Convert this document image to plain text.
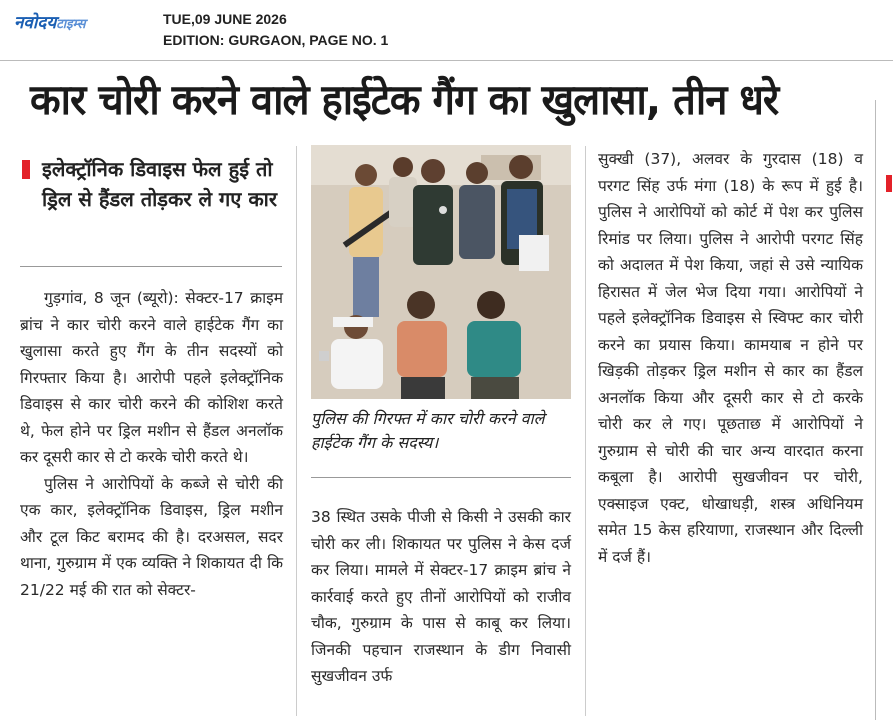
नवोदयटाइम्स	TUE,09 JUNE 2026
EDITION: GURGAON, PAGE NO. 1
कार चोरी करने वाले हाईटेक गैंग का खुलासा, तीन धरे
इलेक्ट्रॉनिक डिवाइस फेल हुई तो ड्रिल से हैंडल तोड़कर ले गए कार

गुड़गांव, 8 जून (ब्यूरो): सेक्टर-17 क्राइम ब्रांच ने कार चोरी करने वाले हाईटेक गैंग का खुलासा करते हुए गैंग के तीन सदस्यों को गिरफ्तार किया है। आरोपी पहले इलेक्ट्रॉनिक डिवाइस से कार चोरी करने की कोशिश करते थे, फेल होने पर ड्रिल मशीन से हैंडल अनलॉक कर दूसरी कार से टो करके चोरी करते थे।

पुलिस ने आरोपियों के कब्जे से चोरी की एक कार, इलेक्ट्रॉनिक डिवाइस, ड्रिल मशीन और टूल किट बरामद की है। दरअसल, सदर थाना, गुरुग्राम में एक व्यक्ति ने शिकायत दी कि 21/22 मई की रात को सेक्टर-

पुलिस की गिरफ्त में कार चोरी करने वाले हाईटेक गैंग के सदस्य।

38 स्थित उसके पीजी से किसी ने उसकी कार चोरी कर ली। शिकायत पर पुलिस ने केस दर्ज कर लिया। मामले में सेक्टर-17 क्राइम ब्रांच ने कार्रवाई करते हुए तीनों आरोपियों को राजीव चौक, गुरुग्राम के पास से काबू कर लिया। जिनकी पहचान राजस्थान के डीग निवासी सुखजीवन उर्फ

सुक्खी (37), अलवर के गुरदास (18) व परगट सिंह उर्फ मंगा (18) के रूप में हुई है। पुलिस ने आरोपियों को कोर्ट में पेश कर पुलिस रिमांड पर लिया। पुलिस ने आरोपी परगट सिंह को अदालत में पेश किया, जहां से उसे न्यायिक हिरासत में जेल भेज दिया गया। आरोपियों ने पहले इलेक्ट्रॉनिक डिवाइस से स्विफ्ट कार चोरी करने का प्रयास किया। कामयाब न होने पर खिड़की तोड़कर ड्रिल मशीन से कार का हैंडल अनलॉक किया और दूसरी कार से टो करके चोरी कर ले गए। पूछताछ में आरोपियों ने गुरुग्राम से चोरी की चार अन्य वारदात करना कबूला है। आरोपी सुखजीवन पर चोरी, एक्साइज एक्ट, धोखाधड़ी, शस्त्र अधिनियम समेत 15 केस हरियाणा, राजस्थान और दिल्ली में दर्ज हैं।
